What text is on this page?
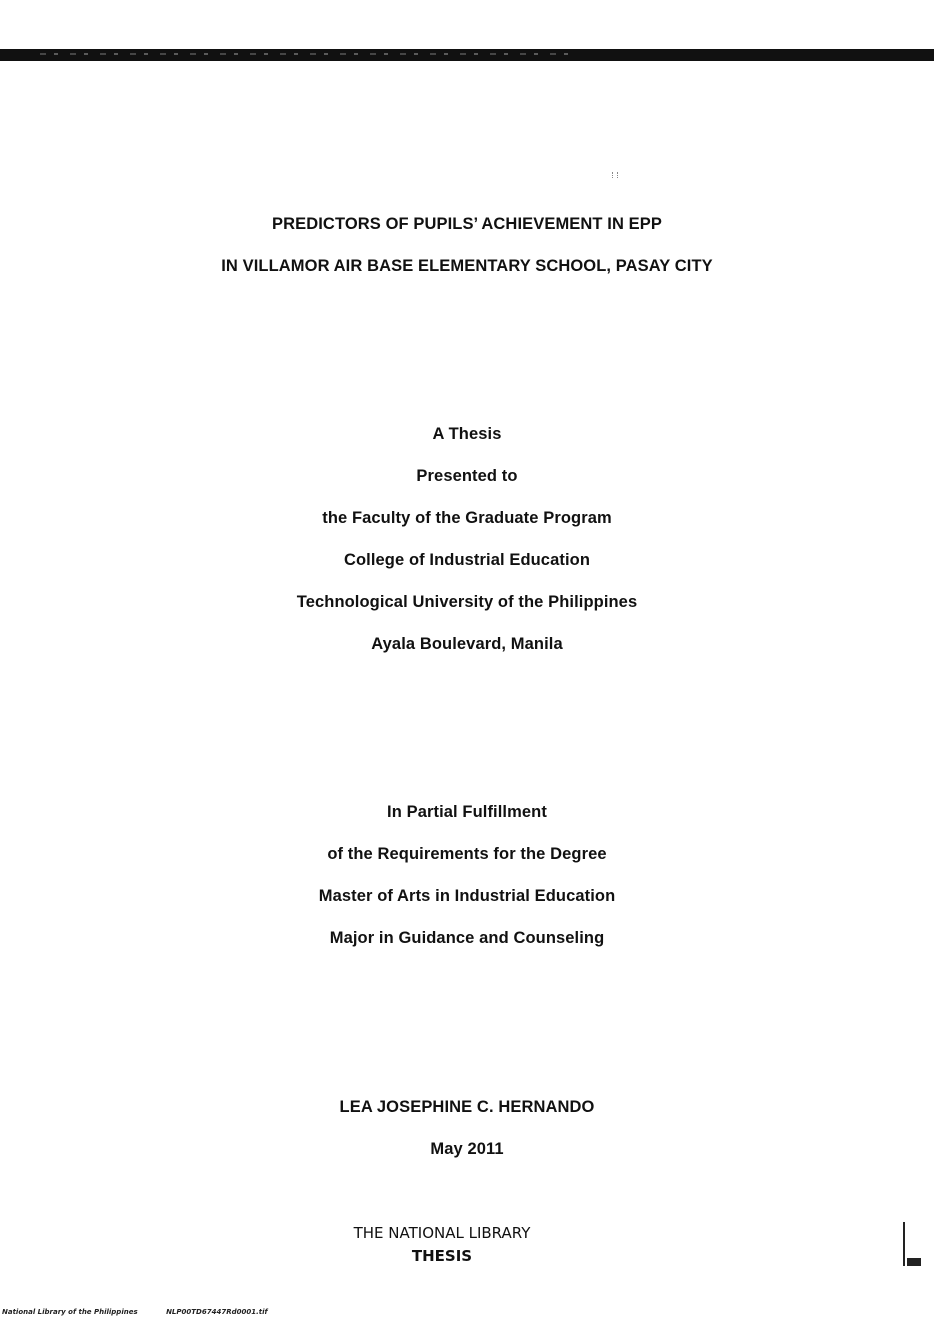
PREDICTORS OF PUPILS’ ACHIEVEMENT IN EPP
IN VILLAMOR AIR BASE ELEMENTARY SCHOOL, PASAY CITY
A Thesis
Presented to
the Faculty of the Graduate Program
College of Industrial Education
Technological University of the Philippines
Ayala Boulevard, Manila
In Partial Fulfillment
of the Requirements for the Degree
Master of Arts in Industrial Education
Major in Guidance and Counseling
LEA JOSEPHINE C. HERNANDO
May 2011
THE NATIONAL LIBRARY
THESIS
National Library of the Philippines	NLP00TD67447Rd0001.tif
